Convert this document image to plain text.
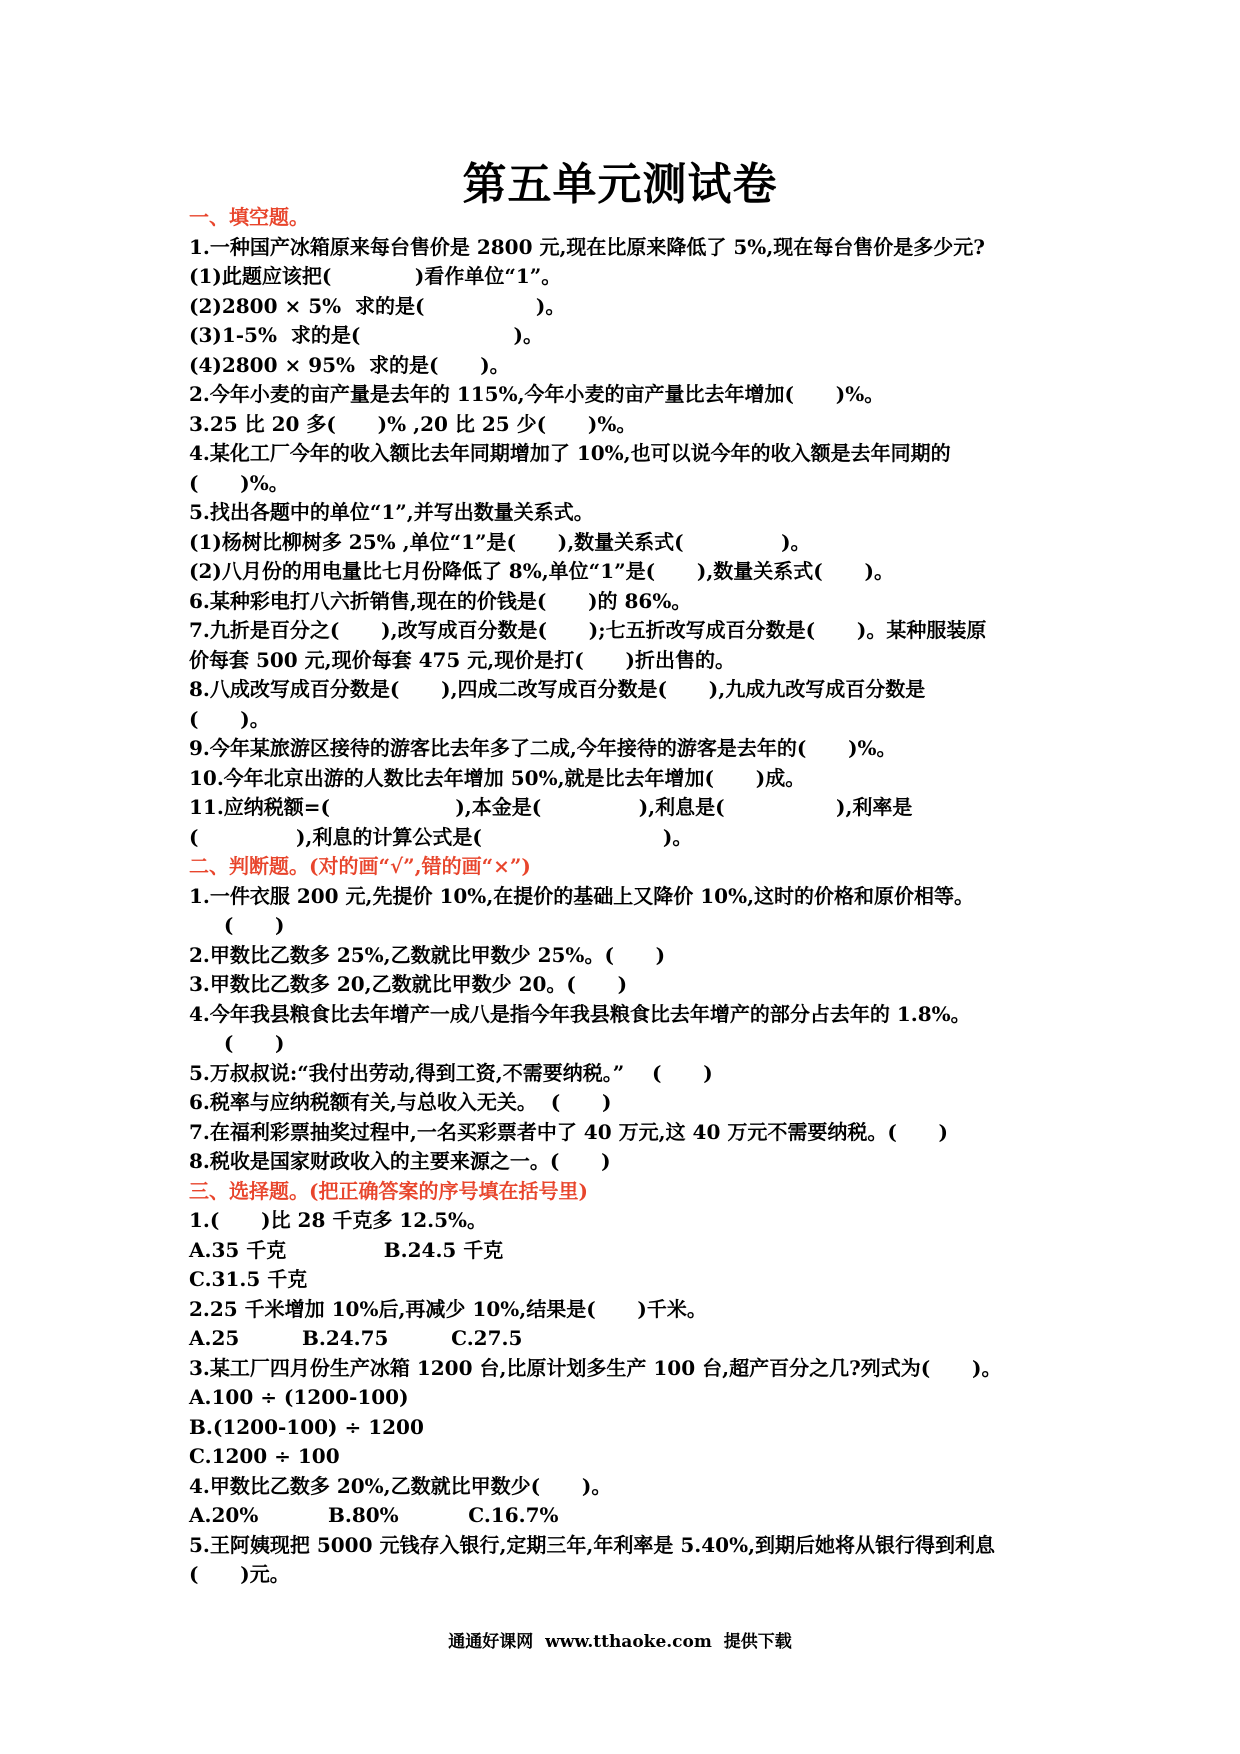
第五单元测试卷
一、填空题。
1.一种国产冰箱原来每台售价是 2800 元,现在比原来降低了 5%,现在每台售价是多少元?
(1)此题应该把(            )看作单位“1”。
(2)2800 × 5%  求的是(                )。
(3)1-5%  求的是(                      )。
(4)2800 × 95%  求的是(      )。
2.今年小麦的亩产量是去年的 115%,今年小麦的亩产量比去年增加(      )%。
3.25 比 20 多(      )% ,20 比 25 少(      )%。
4.某化工厂今年的收入额比去年同期增加了 10%,也可以说今年的收入额是去年同期的
(      )%。
5.找出各题中的单位“1”,并写出数量关系式。
(1)杨树比柳树多 25% ,单位“1”是(      ),数量关系式(              )。
(2)八月份的用电量比七月份降低了 8%,单位“1”是(      ),数量关系式(      )。
6.某种彩电打八六折销售,现在的价钱是(      )的 86%。
7.九折是百分之(      ),改写成百分数是(      );七五折改写成百分数是(      )。某种服装原
价每套 500 元,现价每套 475 元,现价是打(      )折出售的。
8.八成改写成百分数是(      ),四成二改写成百分数是(      ),九成九改写成百分数是
(      )。
9.今年某旅游区接待的游客比去年多了二成,今年接待的游客是去年的(      )%。
10.今年北京出游的人数比去年增加 50%,就是比去年增加(      )成。
11.应纳税额=(                  ),本金是(              ),利息是(                ),利率是
(              ),利息的计算公式是(                          )。
二、判断题。(对的画“√”,错的画“×”)
1.一件衣服 200 元,先提价 10%,在提价的基础上又降价 10%,这时的价格和原价相等。
(      )
2.甲数比乙数多 25%,乙数就比甲数少 25%。(      )
3.甲数比乙数多 20,乙数就比甲数少 20。(      )
4.今年我县粮食比去年增产一成八是指今年我县粮食比去年增产的部分占去年的 1.8%。
(      )
5.万叔叔说:“我付出劳动,得到工资,不需要纳税。”    (      )
6.税率与应纳税额有关,与总收入无关。  (      )
7.在福利彩票抽奖过程中,一名买彩票者中了 40 万元,这 40 万元不需要纳税。(      )
8.税收是国家财政收入的主要来源之一。(      )
三、选择题。(把正确答案的序号填在括号里)
1.(      )比 28 千克多 12.5%。
A.35 千克              B.24.5 千克
C.31.5 千克
2.25 千米增加 10%后,再减少 10%,结果是(      )千米。
A.25         B.24.75         C.27.5
3.某工厂四月份生产冰箱 1200 台,比原计划多生产 100 台,超产百分之几?列式为(      )。
A.100 ÷ (1200-100)
B.(1200-100) ÷ 1200
C.1200 ÷ 100
4.甲数比乙数多 20%,乙数就比甲数少(      )。
A.20%          B.80%          C.16.7%
5.王阿姨现把 5000 元钱存入银行,定期三年,年利率是 5.40%,到期后她将从银行得到利息
(      )元。
通通好课网  www.tthaoke.com  提供下载
